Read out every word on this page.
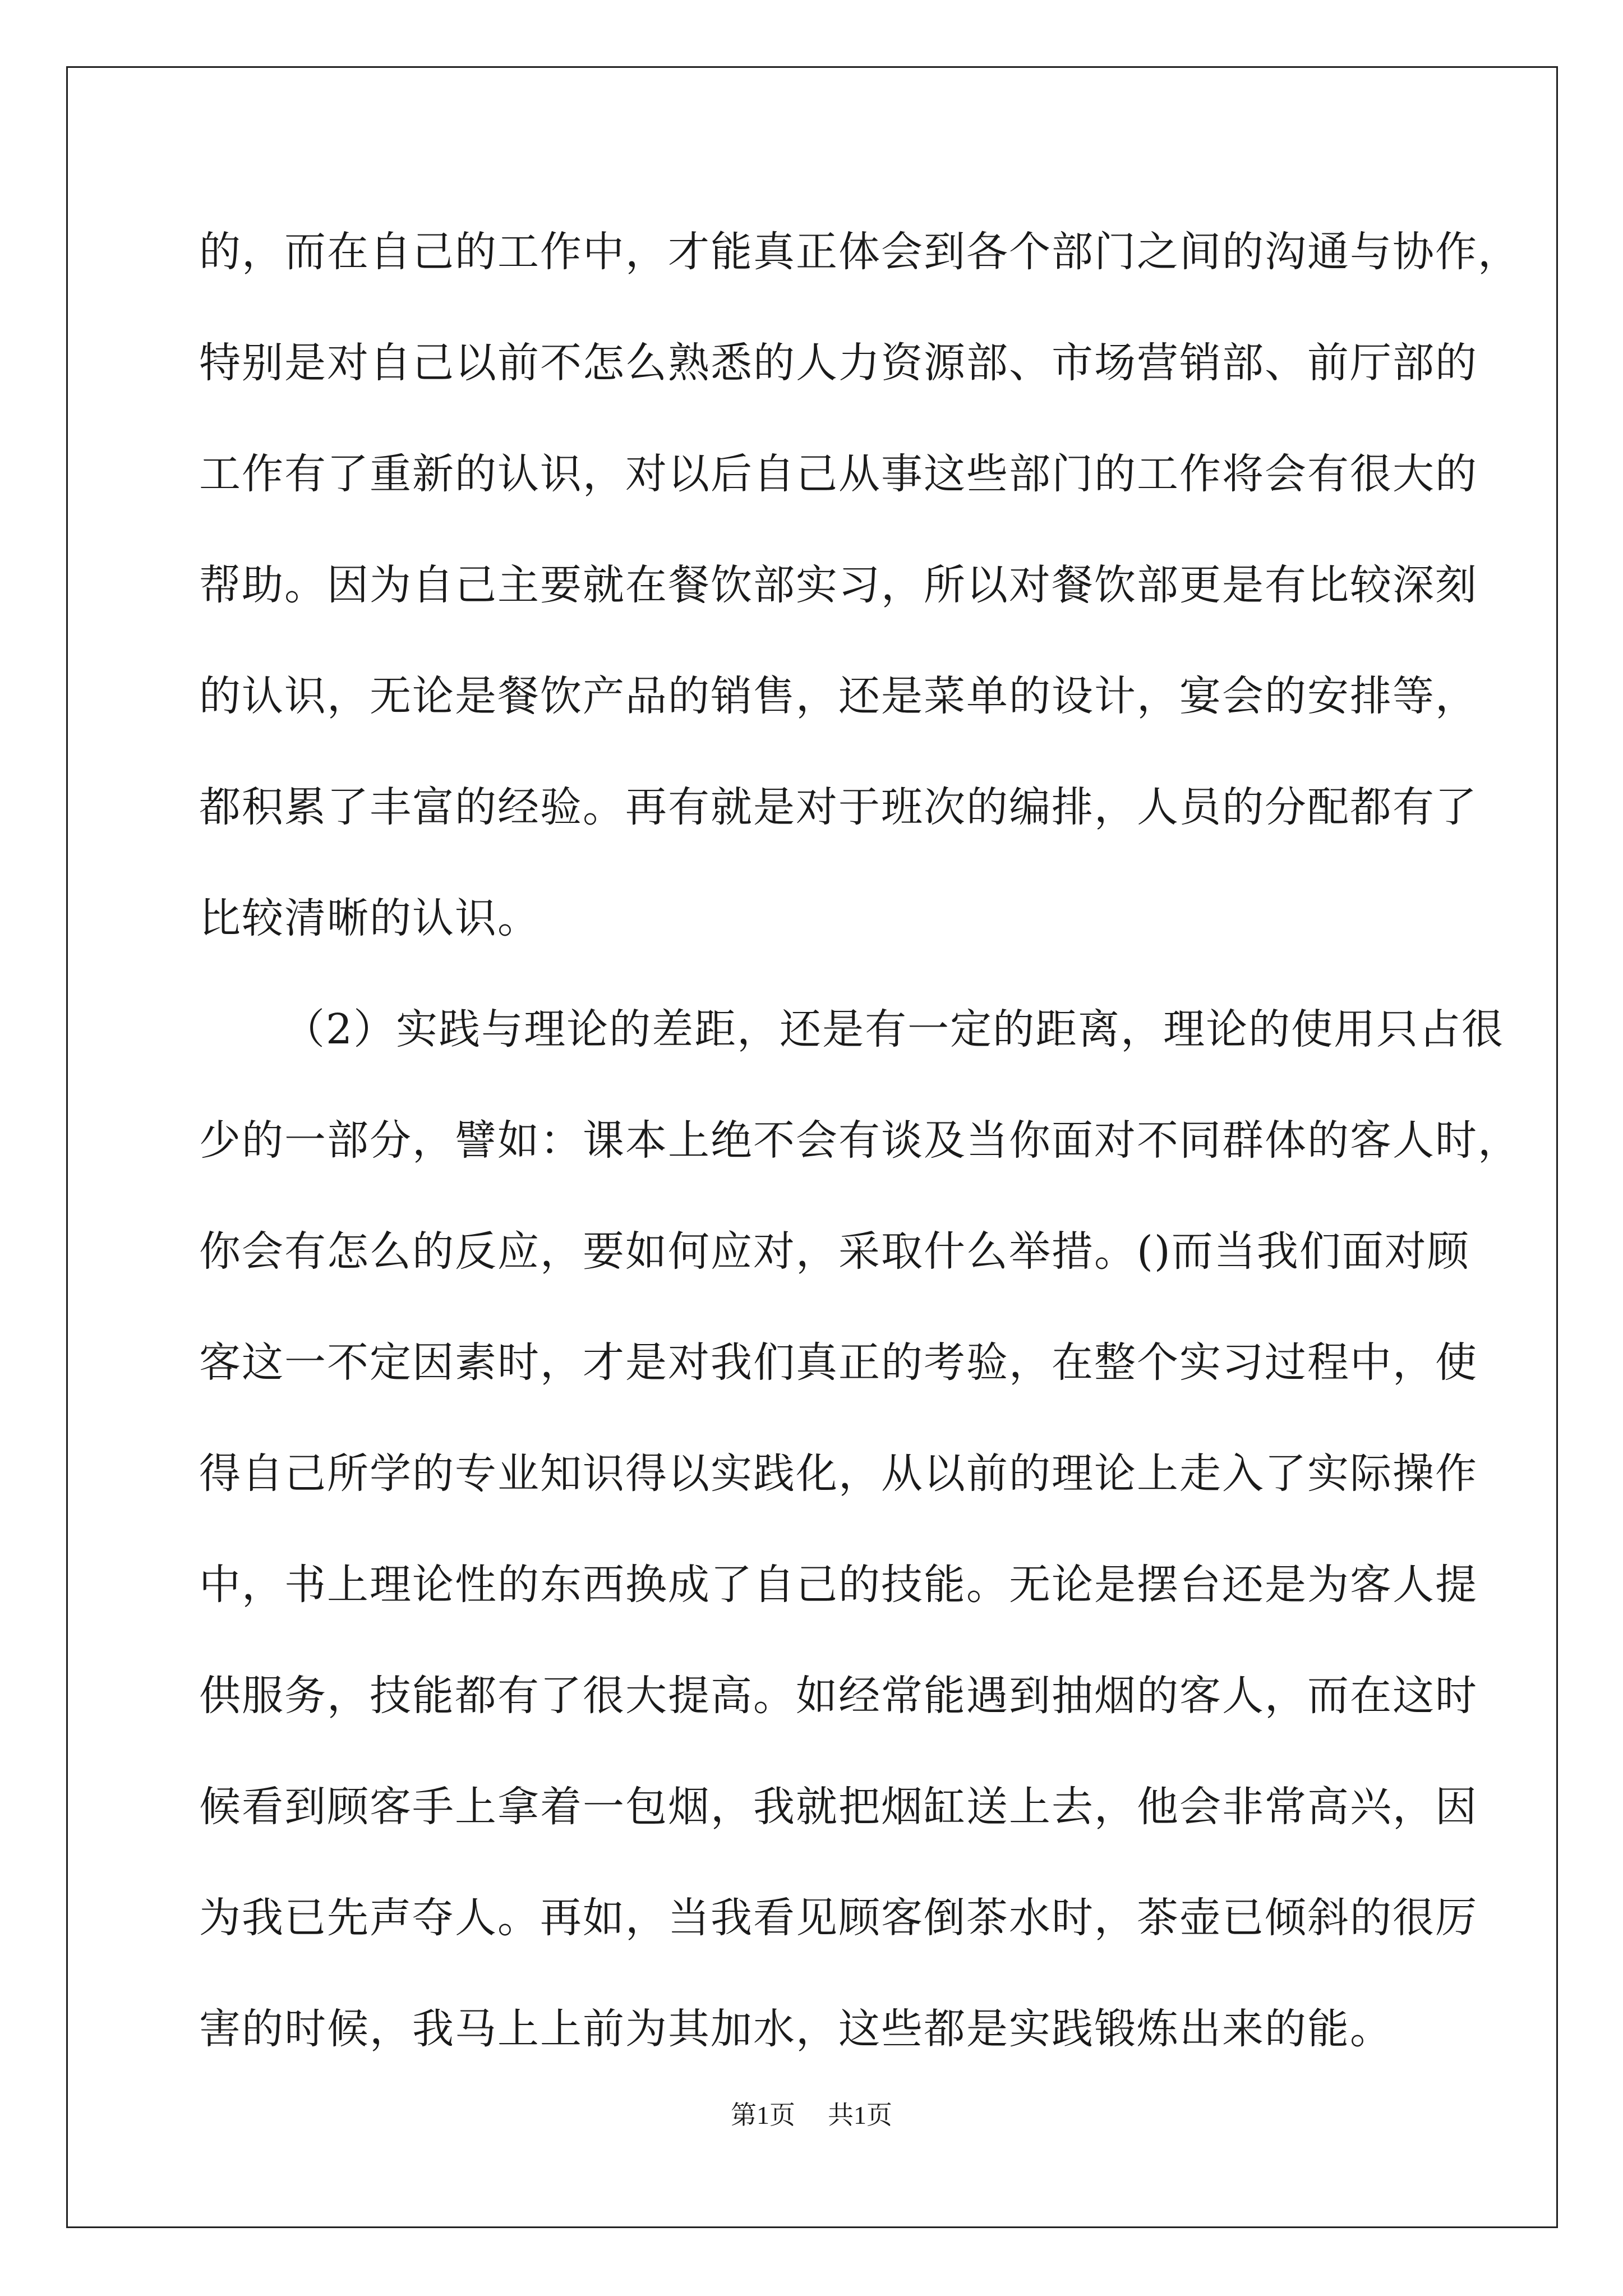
的，而在自己的工作中，才能真正体会到各个部门之间的沟通与协作，
特别是对自己以前不怎么熟悉的人力资源部、市场营销部、前厅部的
工作有了重新的认识，对以后自己从事这些部门的工作将会有很大的
帮助。因为自己主要就在餐饮部实习，所以对餐饮部更是有比较深刻
的认识，无论是餐饮产品的销售，还是菜单的设计，宴会的安排等，
都积累了丰富的经验。再有就是对于班次的编排，人员的分配都有了
比较清晰的认识。
（2）实践与理论的差距，还是有一定的距离，理论的使用只占很
少的一部分，譬如：课本上绝不会有谈及当你面对不同群体的客人时，
你会有怎么的反应，要如何应对，采取什么举措。()而当我们面对顾
客这一不定因素时，才是对我们真正的考验，在整个实习过程中，使
得自己所学的专业知识得以实践化，从以前的理论上走入了实际操作
中，书上理论性的东西换成了自己的技能。无论是摆台还是为客人提
供服务，技能都有了很大提高。如经常能遇到抽烟的客人，而在这时
候看到顾客手上拿着一包烟，我就把烟缸送上去，他会非常高兴，因
为我已先声夺人。再如，当我看见顾客倒茶水时，茶壶已倾斜的很厉
害的时候，我马上上前为其加水，这些都是实践锻炼出来的能。
第1页 共1页
